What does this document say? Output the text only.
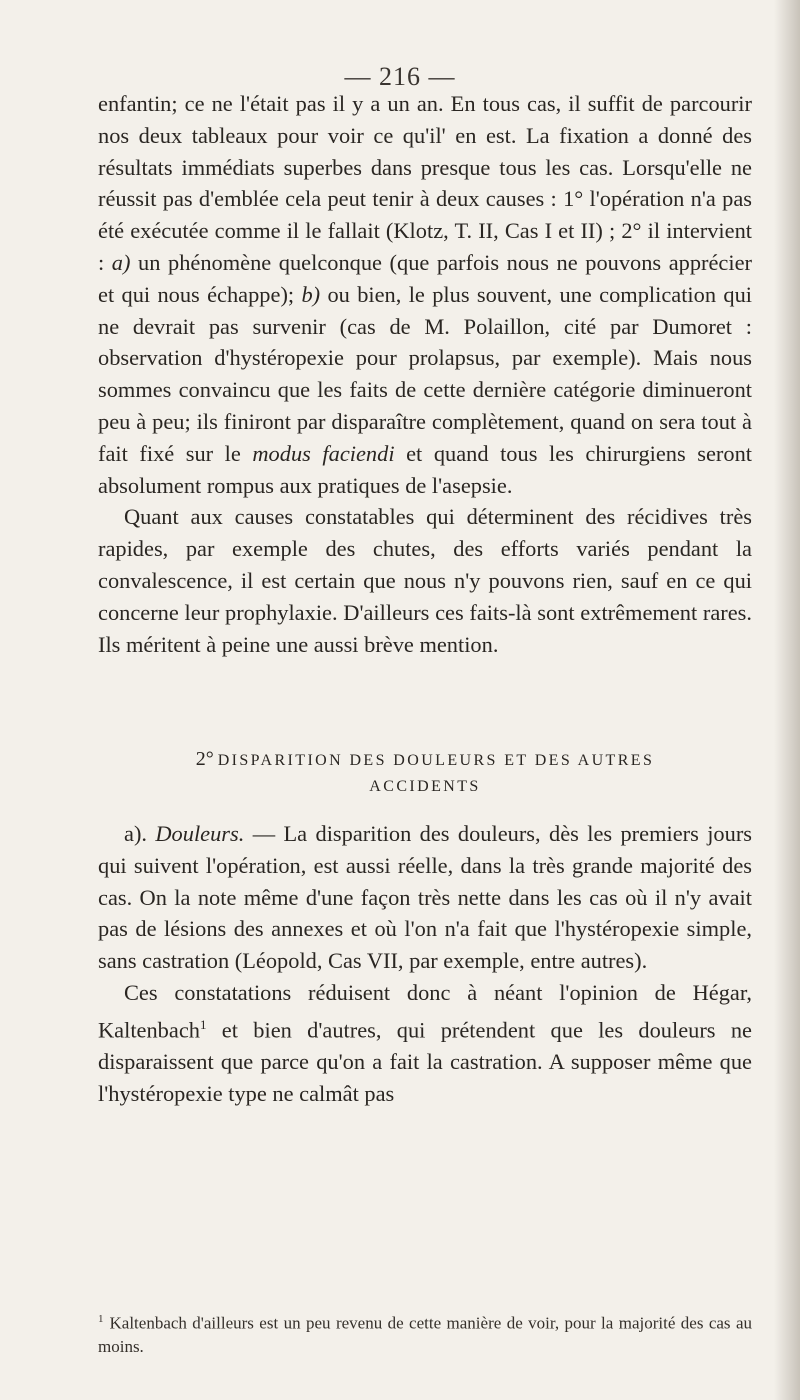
— 216 —

enfantin; ce ne l'était pas il y a un an. En tous cas, il suffit de parcourir nos deux tableaux pour voir ce qu'il' en est. La fixation a donné des résultats immédiats superbes dans presque tous les cas. Lorsqu'elle ne réussit pas d'emblée cela peut tenir à deux causes : 1° l'opération n'a pas été exécutée comme il le fallait (Klotz, T. II, Cas I et II) ; 2° il intervient : a) un phénomène quelconque (que parfois nous ne pouvons apprécier et qui nous échappe); b) ou bien, le plus souvent, une complication qui ne devrait pas survenir (cas de M. Polaillon, cité par Dumoret : observation d'hystéropexie pour prolapsus, par exemple). Mais nous sommes convaincu que les faits de cette dernière catégorie diminueront peu à peu; ils finiront par disparaître complètement, quand on sera tout à fait fixé sur le modus faciendi et quand tous les chirurgiens seront absolument rompus aux pratiques de l'asepsie.

Quant aux causes constatables qui déterminent des récidives très rapides, par exemple des chutes, des efforts variés pendant la convalescence, il est certain que nous n'y pouvons rien, sauf en ce qui concerne leur prophylaxie. D'ailleurs ces faits-là sont extrêmement rares. Ils méritent à peine une aussi brève mention.

2° DISPARITION DES DOULEURS ET DES AUTRES
ACCIDENTS

a). Douleurs. — La disparition des douleurs, dès les premiers jours qui suivent l'opération, est aussi réelle, dans la très grande majorité des cas. On la note même d'une façon très nette dans les cas où il n'y avait pas de lésions des annexes et où l'on n'a fait que l'hystéropexie simple, sans castration (Léopold, Cas VII, par exemple, entre autres).

Ces constatations réduisent donc à néant l'opinion de Hégar, Kaltenbach$^1$ et bien d'autres, qui prétendent que les douleurs ne disparaissent que parce qu'on a fait la castration. A supposer même que l'hystéropexie type ne calmât pas

$^1$ Kaltenbach d'ailleurs est un peu revenu de cette manière de voir, pour la majorité des cas au moins.
